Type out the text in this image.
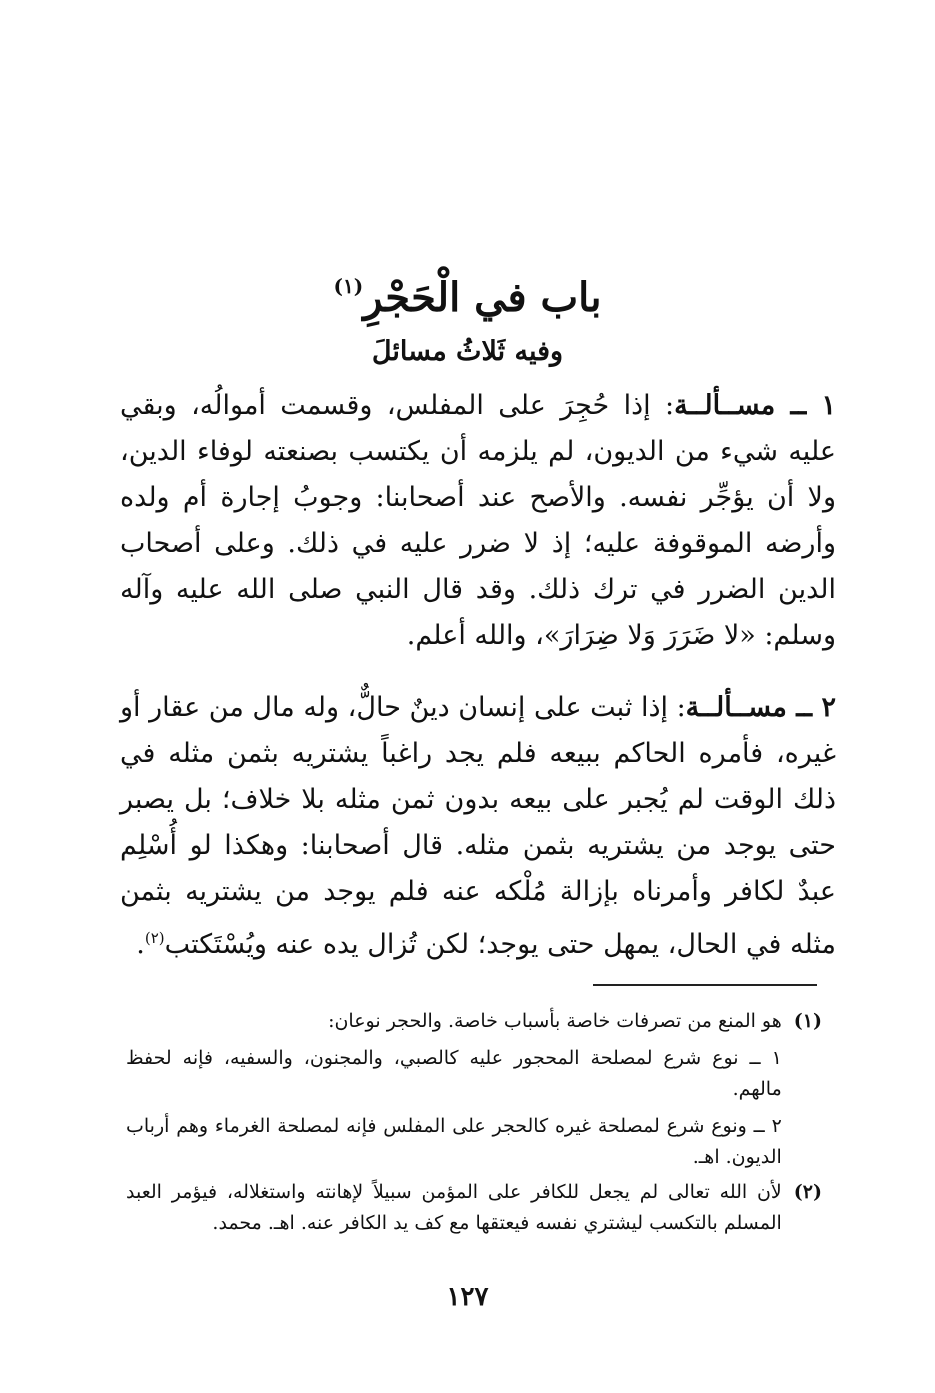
باب في الْحَجْرِ$^{(١)}$
وفيه ثَلاثُ مسائلَ

١ ــ مســألــة: إذا حُجِرَ على المفلس، وقسمت أموالُه، وبقي عليه شيء من الديون، لم يلزمه أن يكتسب بصنعته لوفاء الدين، ولا أن يؤجِّر نفسه. والأصح عند أصحابنا: وجوبُ إجارة أم ولده وأرضه الموقوفة عليه؛ إذ لا ضرر عليه في ذلك. وعلى أصحاب الدين الضرر في ترك ذلك. وقد قال النبي صلى الله عليه وآله وسلم: «لا ضَرَرَ وَلا ضِرَارَ»، والله أعلم.

٢ ــ مســألــة: إذا ثبت على إنسان دينٌ حالٌّ، وله مال من عقار أو غيره، فأمره الحاكم ببيعه فلم يجد راغباً يشتريه بثمن مثله في ذلك الوقت لم يُجبر على بيعه بدون ثمن مثله بلا خلاف؛ بل يصبر حتى يوجد من يشتريه بثمن مثله. قال أصحابنا: وهكذا لو أُسْلِم عبدٌ لكافر وأمرناه بإزالة مُلْكه عنه فلم يوجد من يشتريه بثمن مثله في الحال، يمهل حتى يوجد؛ لكن تُزال يده عنه ويُسْتَكتب$^{(٢)}$.

(١)

هو المنع من تصرفات خاصة بأسباب خاصة. والحجر نوعان:

١ ــ نوع شرع لمصلحة المحجور عليه كالصبي، والمجنون، والسفيه، فإنه لحفظ مالهم.

٢ ــ ونوع شرع لمصلحة غيره كالحجر على المفلس فإنه لمصلحة الغرماء وهم أرباب الديون. اهـ.

(٢)

لأن الله تعالى لم يجعل للكافر على المؤمن سبيلاً لإهانته واستغلاله، فيؤمر العبد المسلم بالتكسب ليشتري نفسه فيعتقها مع كف يد الكافر عنه. اهـ. محمد.

١٢٧
